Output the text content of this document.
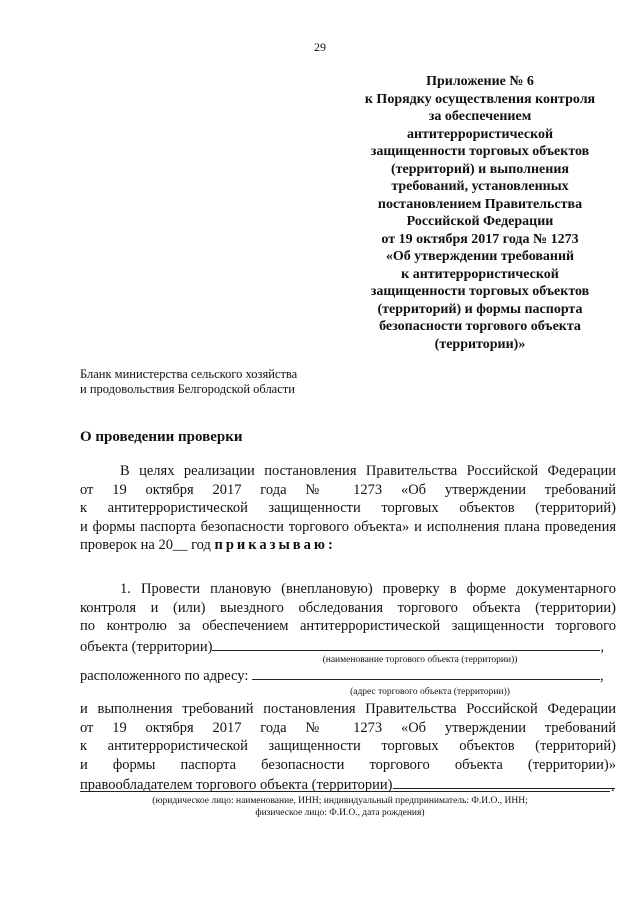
29
Приложение № 6
к Порядку осуществления контроля
за обеспечением
антитеррористической
защищенности торговых объектов
(территорий) и выполнения
требований, установленных
постановлением Правительства
Российской Федерации
от 19 октября 2017 года № 1273
«Об утверждении требований
к антитеррористической
защищенности торговых объектов
(территорий) и формы паспорта
безопасности торгового объекта
(территории)»
Бланк министерства сельского хозяйства
и продовольствия Белгородской области
О проведении проверки
В целях реализации постановления Правительства Российской Федерации
от 19 октября 2017 года № 1273 «Об утверждении требований
к антитеррористической защищенности торговых объектов (территорий)
и формы паспорта безопасности торгового объекта» и исполнения плана проведения
проверок на 20__ год приказываю:
1. Провести плановую (внеплановую) проверку в форме документарного
контроля и (или) выездного обследования торгового объекта (территории)
по контролю за обеспечением антитеррористической защищенности торгового
объекта (территории)	,
(наименование торгового объекта (территории))
расположенного по адресу:	,
(адрес торгового объекта (территории))
и выполнения требований постановления Правительства Российской Федерации
от 19 октября 2017 года № 1273 «Об утверждении требований
к антитеррористической защищенности торговых объектов (территорий)
и формы паспорта безопасности торгового объекта (территории)»
правообладателем торгового объекта (территории)	.
(юридическое лицо: наименование, ИНН; индивидуальный предприниматель: Ф.И.О., ИНН;
физическое лицо: Ф.И.О., дата рождения)
